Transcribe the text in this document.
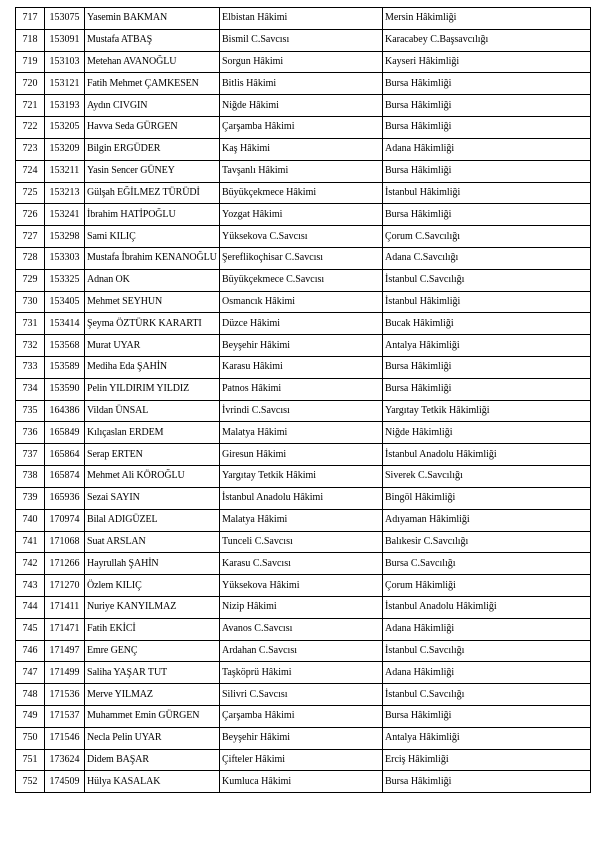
717	153075	Yasemin BAKMAN	Elbistan Hâkimi	Mersin Hâkimliği
718	153091	Mustafa ATBAŞ	Bismil C.Savcısı	Karacabey C.Başsavcılığı
719	153103	Metehan AVANOĞLU	Sorgun Hâkimi	Kayseri Hâkimliği
720	153121	Fatih Mehmet ÇAMKESEN	Bitlis Hâkimi	Bursa Hâkimliği
721	153193	Aydın CIVGIN	Niğde Hâkimi	Bursa Hâkimliği
722	153205	Havva Seda GÜRGEN	Çarşamba Hâkimi	Bursa Hâkimliği
723	153209	Bilgin ERGÜDER	Kaş Hâkimi	Adana Hâkimliği
724	153211	Yasin Sencer GÜNEY	Tavşanlı Hâkimi	Bursa Hâkimliği
725	153213	Gülşah EĞİLMEZ TÜRÜDİ	Büyükçekmece Hâkimi	İstanbul Hâkimliği
726	153241	İbrahim HATİPOĞLU	Yozgat Hâkimi	Bursa Hâkimliği
727	153298	Sami KILIÇ	Yüksekova C.Savcısı	Çorum C.Savcılığı
728	153303	Mustafa İbrahim KENANOĞLU	Şereflikoçhisar C.Savcısı	Adana C.Savcılığı
729	153325	Adnan OK	Büyükçekmece C.Savcısı	İstanbul C.Savcılığı
730	153405	Mehmet SEYHUN	Osmancık Hâkimi	İstanbul Hâkimliği
731	153414	Şeyma ÖZTÜRK KARARTI	Düzce Hâkimi	Bucak Hâkimliği
732	153568	Murat UYAR	Beyşehir Hâkimi	Antalya Hâkimliği
733	153589	Mediha Eda ŞAHİN	Karasu Hâkimi	Bursa Hâkimliği
734	153590	Pelin YILDIRIM YILDIZ	Patnos Hâkimi	Bursa Hâkimliği
735	164386	Vildan ÜNSAL	İvrindi C.Savcısı	Yargıtay Tetkik Hâkimliği
736	165849	Kılıçaslan ERDEM	Malatya Hâkimi	Niğde Hâkimliği
737	165864	Serap ERTEN	Giresun Hâkimi	İstanbul Anadolu Hâkimliği
738	165874	Mehmet Ali KÖROĞLU	Yargıtay Tetkik Hâkimi	Siverek C.Savcılığı
739	165936	Sezai SAYIN	İstanbul Anadolu Hâkimi	Bingöl Hâkimliği
740	170974	Bilal ADIGÜZEL	Malatya Hâkimi	Adıyaman Hâkimliği
741	171068	Suat ARSLAN	Tunceli C.Savcısı	Balıkesir C.Savcılığı
742	171266	Hayrullah ŞAHİN	Karasu C.Savcısı	Bursa C.Savcılığı
743	171270	Özlem KILIÇ	Yüksekova Hâkimi	Çorum Hâkimliği
744	171411	Nuriye KANYILMAZ	Nizip Hâkimi	İstanbul Anadolu Hâkimliği
745	171471	Fatih EKİCİ	Avanos C.Savcısı	Adana Hâkimliği
746	171497	Emre GENÇ	Ardahan C.Savcısı	İstanbul C.Savcılığı
747	171499	Saliha YAŞAR TUT	Taşköprü Hâkimi	Adana Hâkimliği
748	171536	Merve YILMAZ	Silivri C.Savcısı	İstanbul C.Savcılığı
749	171537	Muhammet Emin GÜRGEN	Çarşamba Hâkimi	Bursa Hâkimliği
750	171546	Necla Pelin UYAR	Beyşehir Hâkimi	Antalya Hâkimliği
751	173624	Didem BAŞAR	Çifteler Hâkimi	Erciş Hâkimliği
752	174509	Hülya KASALAK	Kumluca Hâkimi	Bursa Hâkimliği
